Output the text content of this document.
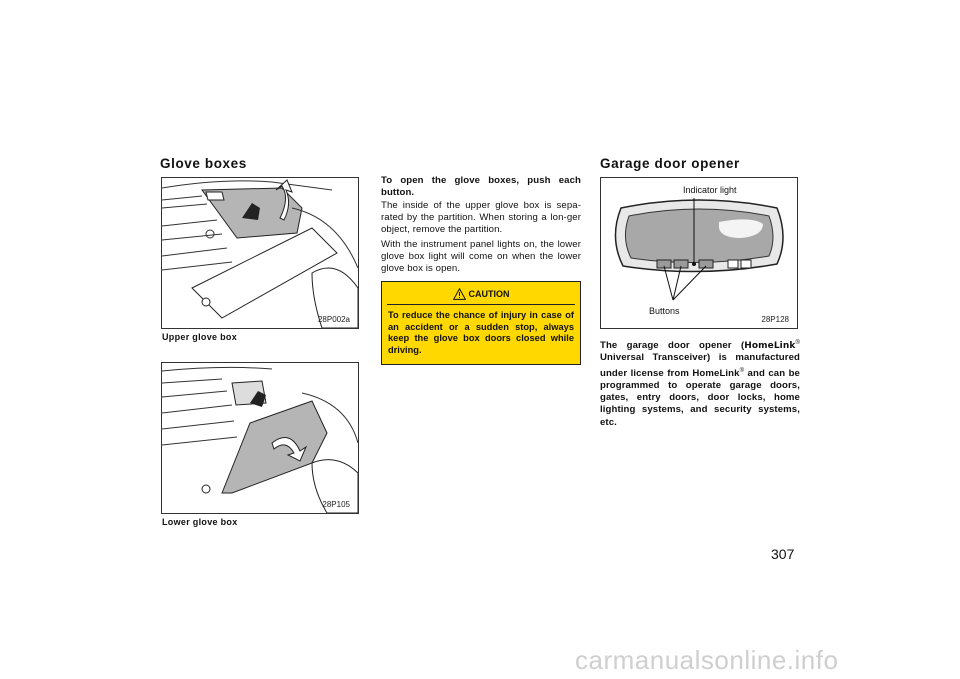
Glove boxes
28P002a
Upper glove box
28P105
Lower glove box
To open the glove boxes, push each button.
The inside of the upper glove box is sepa-rated by the partition. When storing a lon-ger object, remove the partition.
With the instrument panel lights on, the lower glove box light will come on when the lower glove box is open.
CAUTION
To reduce the chance of injury in case of an accident or a sudden stop, always keep the glove box doors closed while driving.
Garage door opener
Indicator light
Buttons
28P128
The garage door opener (HomeLink® Universal Transceiver) is manufactured under license from HomeLink® and can be programmed to operate garage doors, gates, entry doors, door locks, home lighting systems, and security systems, etc.
307
carmanualsonline.info
